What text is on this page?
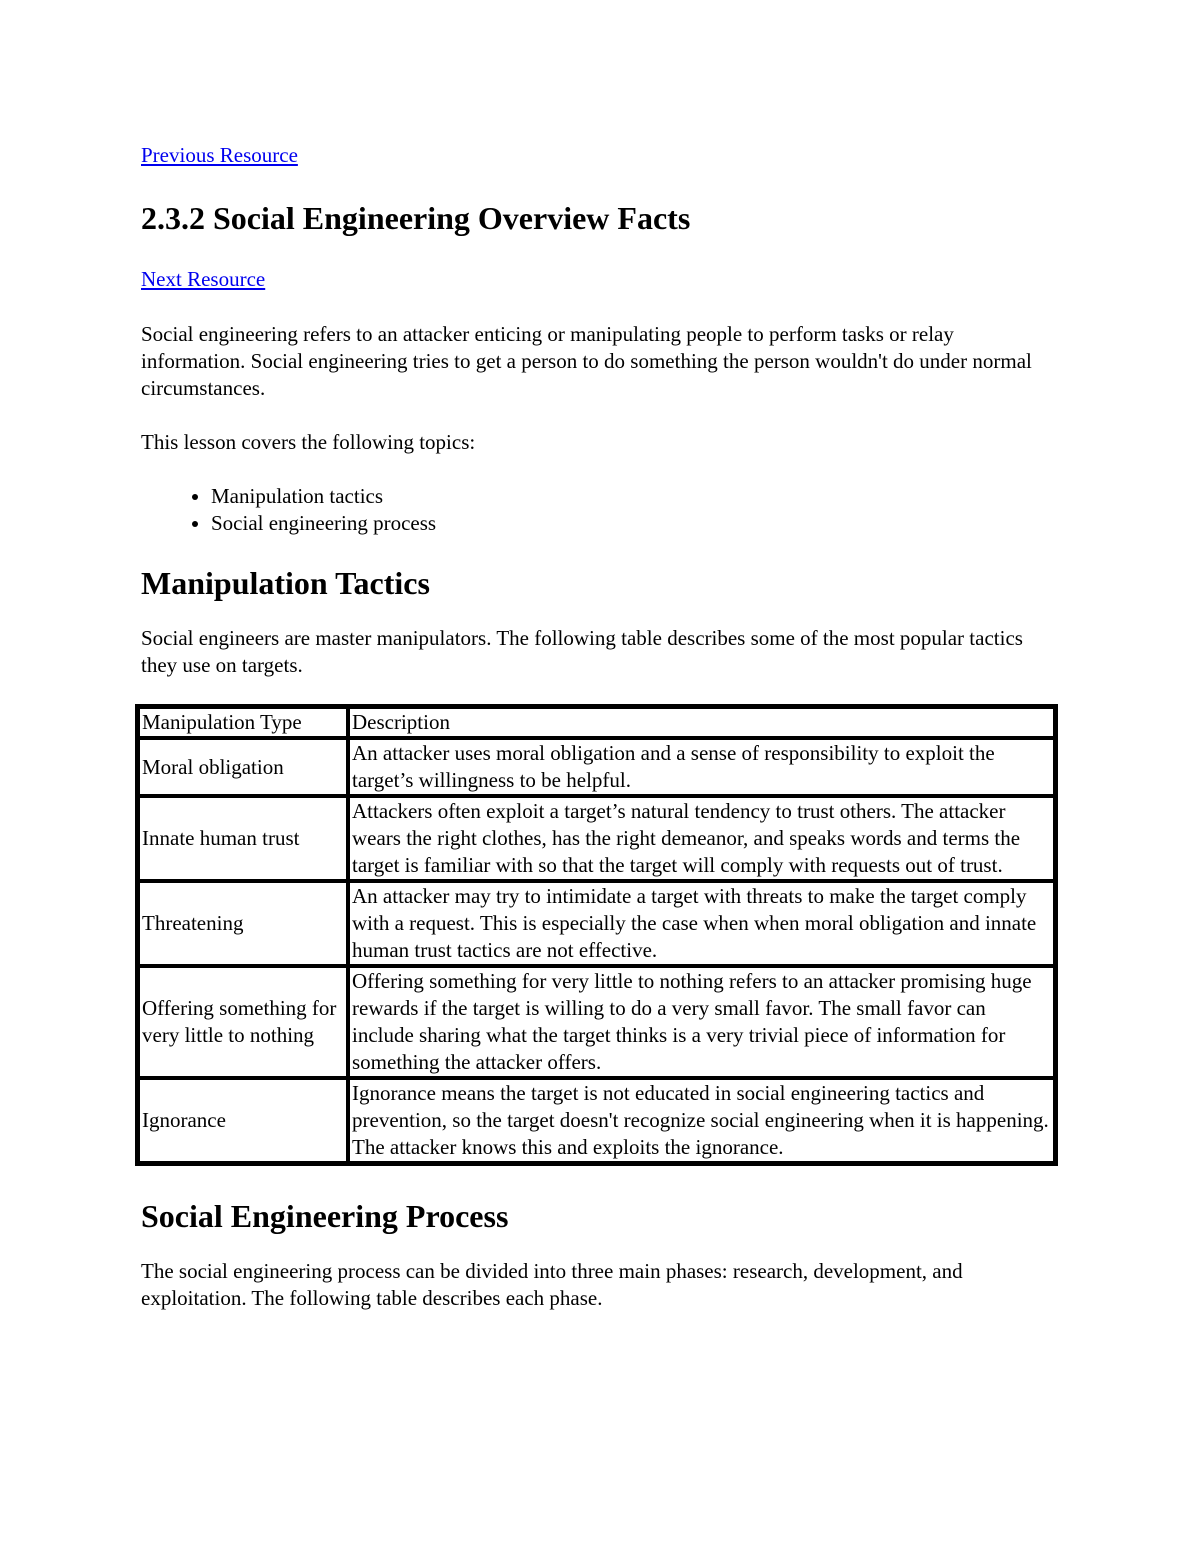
Previous Resource

2.3.2 Social Engineering Overview Facts

Next Resource

Social engineering refers to an attacker enticing or manipulating people to perform tasks or relay information. Social engineering tries to get a person to do something the person wouldn't do under normal circumstances.

This lesson covers the following topics:

• Manipulation tactics
• Social engineering process
Manipulation Tactics

Social engineers are master manipulators. The following table describes some of the most popular tactics they use on targets.

Manipulation Type	Description
Moral obligation	An attacker uses moral obligation and a sense of responsibility to exploit the target’s willingness to be helpful.
Innate human trust	Attackers often exploit a target’s natural tendency to trust others. The attacker wears the right clothes, has the right demeanor, and speaks words and terms the target is familiar with so that the target will comply with requests out of trust.
Threatening	An attacker may try to intimidate a target with threats to make the target comply with a request. This is especially the case when when moral obligation and innate human trust tactics are not effective.
Offering something for very little to nothing	Offering something for very little to nothing refers to an attacker promising huge rewards if the target is willing to do a very small favor. The small favor can include sharing what the target thinks is a very trivial piece of information for something the attacker offers.
Ignorance	Ignorance means the target is not educated in social engineering tactics and prevention, so the target doesn't recognize social engineering when it is happening. The attacker knows this and exploits the ignorance.
Social Engineering Process

The social engineering process can be divided into three main phases: research, development, and exploitation. The following table describes each phase.
